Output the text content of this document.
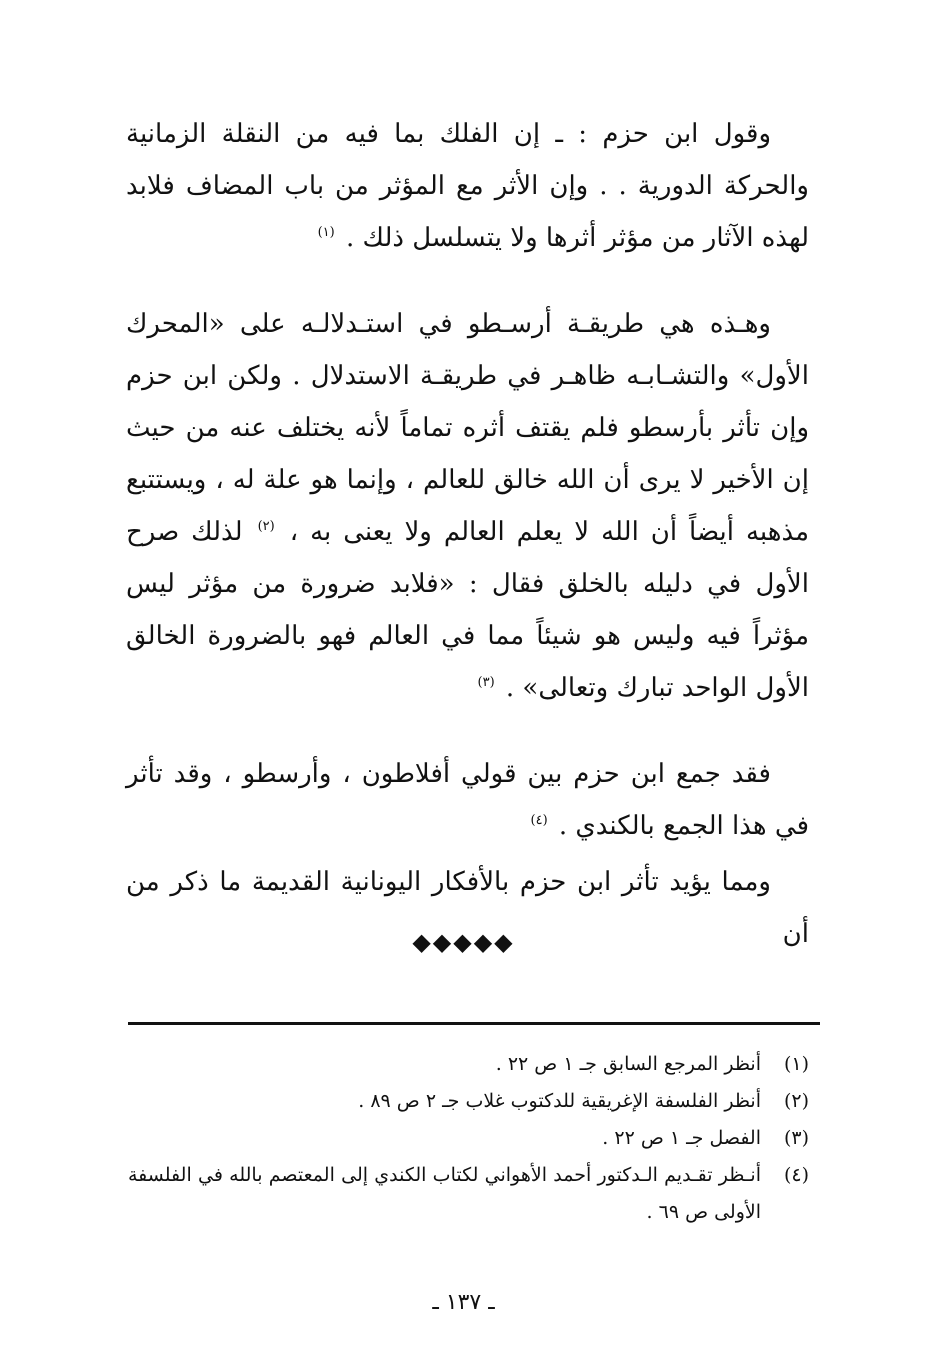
وقول ابن حزم : ـ إن الفلك بما فيه من النقلة الزمانية والحركة الدورية . . وإن الأثر مع المؤثر من باب المضاف فلابد لهذه الآثار من مؤثر أثرها ولا يتسلسل ذلك . $^{(١)}$

وهـذه هي طريقـة أرسـطو في استـدلالـه على «المحرك الأول» والتشـابـه ظاهـر في طريقـة الاستدلال . ولكن ابن حزم وإن تأثر بأرسطو فلم يقتف أثره تماماً لأنه يختلف عنه من حيث إن الأخير لا يرى أن الله خالق للعالم ، وإنما هو علة له ، ويستتبع مذهبه أيضاً أن الله لا يعلم العالم ولا يعنى به ، $^{(٢)}$ لذلك صرح الأول في دليله بالخلق فقال : «فلابد ضرورة من مؤثر ليس مؤثراً فيه وليس هو شيئاً مما في العالم فهو بالضرورة الخالق الأول الواحد تبارك وتعالى» . $^{(٣)}$

فقد جمع ابن حزم بين قولي أفلاطون ، وأرسطو ، وقد تأثر في هذا الجمع بالكندي . $^{(٤)}$

ومما يؤيد تأثر ابن حزم بالأفكار اليونانية القديمة ما ذكر من أن

◆◆◆◆◆
(١)
أنظر المرجع السابق جـ ١ ص ٢٢ .
(٢)
أنظر الفلسفة الإغريقية للدكتوب غلاب جـ ٢ ص ٨٩ .
(٣)
الفصل جـ ١ ص ٢٢ .
(٤)
أنـظر تقـديم الـدكتور أحمد الأهواني لكتاب الكندي إلى المعتصم بالله في الفلسفة الأولى ص ٦٩ .
ـ ١٣٧ ـ
